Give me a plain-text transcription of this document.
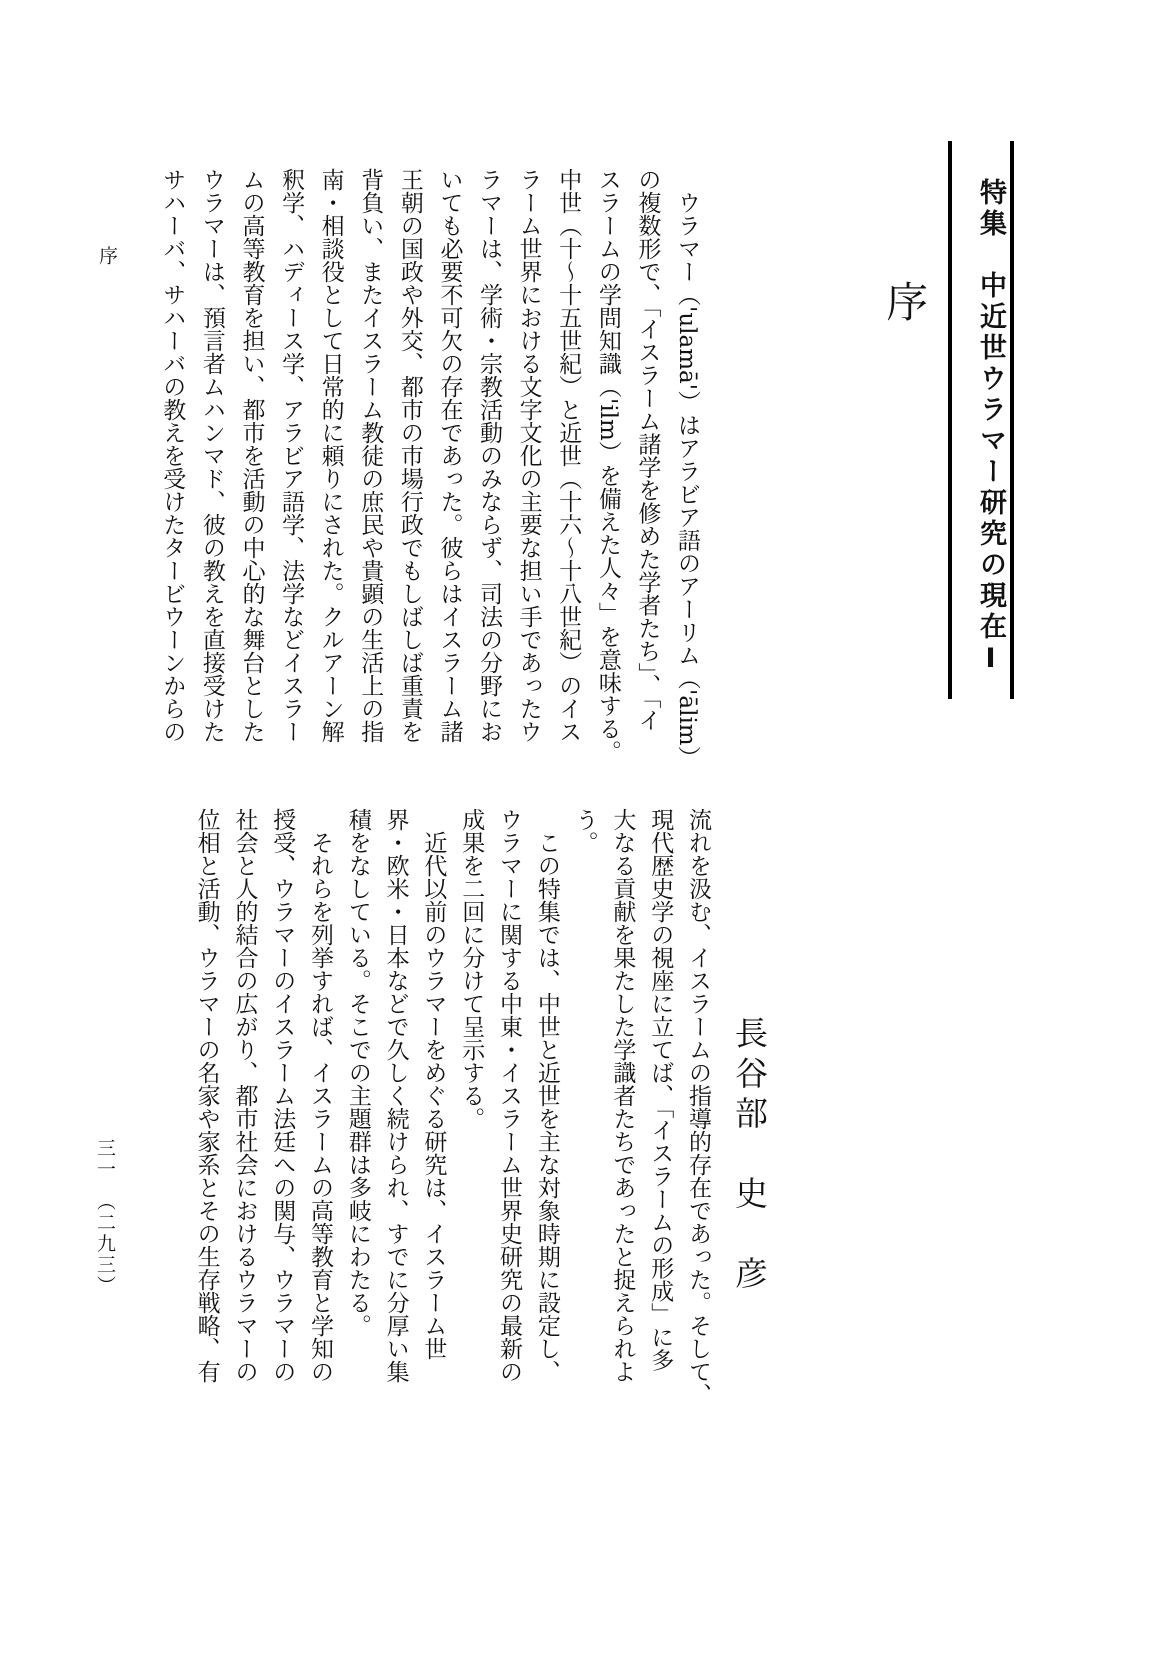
特集　中近世ウラマー研究の現在Ⅰ
序
　ウラマー（'ulamā'）はアラビア語のアーリム（'ālim）
の複数形で、「イスラーム諸学を修めた学者たち」、「イ
スラームの学問知識（'ilm）を備えた人々」を意味する。
中世（十〜十五世紀）と近世（十六〜十八世紀）のイス
ラーム世界における文字文化の主要な担い手であったウ
ラマーは、学術・宗教活動のみならず、司法の分野にお
いても必要不可欠の存在であった。彼らはイスラーム諸
王朝の国政や外交、都市の市場行政でもしばしば重責を
背負い、またイスラーム教徒の庶民や貴顕の生活上の指
南・相談役として日常的に頼りにされた。クルアーン解
釈学、ハディース学、アラビア語学、法学などイスラー
ムの高等教育を担い、都市を活動の中心的な舞台とした
ウラマーは、預言者ムハンマド、彼の教えを直接受けた
サハーバ、サハーバの教えを受けたタービウーンからの
流れを汲む、イスラームの指導的存在であった。そして、
現代歴史学の視座に立てば、「イスラームの形成」に多
大なる貢献を果たした学識者たちであったと捉えられよ
う。
　この特集では、中世と近世を主な対象時期に設定し、
ウラマーに関する中東・イスラーム世界史研究の最新の
成果を二回に分けて呈示する。
　近代以前のウラマーをめぐる研究は、イスラーム世
界・欧米・日本などで久しく続けられ、すでに分厚い集
積をなしている。そこでの主題群は多岐にわたる。
　それらを列挙すれば、イスラームの高等教育と学知の
授受、ウラマーのイスラーム法廷への関与、ウラマーの
社会と人的結合の広がり、都市社会におけるウラマーの
位相と活動、ウラマーの名家や家系とその生存戦略、有	長谷部　史　彦
序
三一　（二九三）
